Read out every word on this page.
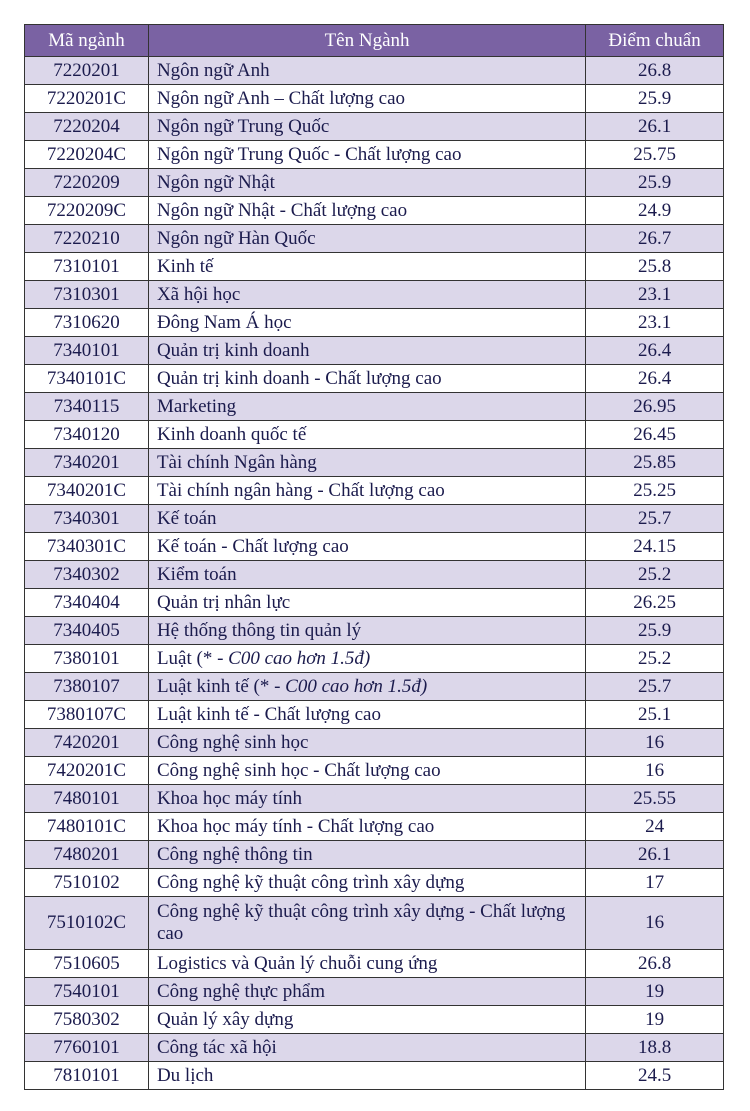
Mã ngành	Tên Ngành	Điểm chuẩn
7220201	Ngôn ngữ Anh	26.8
7220201C	Ngôn ngữ Anh – Chất lượng cao	25.9
7220204	Ngôn ngữ Trung Quốc	26.1
7220204C	Ngôn ngữ Trung Quốc - Chất lượng cao	25.75
7220209	Ngôn ngữ Nhật	25.9
7220209C	Ngôn ngữ Nhật - Chất lượng cao	24.9
7220210	Ngôn ngữ Hàn Quốc	26.7
7310101	Kinh tế	25.8
7310301	Xã hội học	23.1
7310620	Đông Nam Á học	23.1
7340101	Quản trị kinh doanh	26.4
7340101C	Quản trị kinh doanh - Chất lượng cao	26.4
7340115	Marketing	26.95
7340120	Kinh doanh quốc tế	26.45
7340201	Tài chính Ngân hàng	25.85
7340201C	Tài chính ngân hàng - Chất lượng cao	25.25
7340301	Kế toán	25.7
7340301C	Kế toán - Chất lượng cao	24.15
7340302	Kiểm toán	25.2
7340404	Quản trị nhân lực	26.25
7340405	Hệ thống thông tin quản lý	25.9
7380101	Luật (* - C00 cao hơn 1.5đ)	25.2
7380107	Luật kinh tế (* - C00 cao hơn 1.5đ)	25.7
7380107C	Luật kinh tế - Chất lượng cao	25.1
7420201	Công nghệ sinh học	16
7420201C	Công nghệ sinh học - Chất lượng cao	16
7480101	Khoa học máy tính	25.55
7480101C	Khoa học máy tính - Chất lượng cao	24
7480201	Công nghệ thông tin	26.1
7510102	Công nghệ kỹ thuật công trình xây dựng	17
7510102C	Công nghệ kỹ thuật công trình xây dựng - Chất lượng cao	16
7510605	Logistics và Quản lý chuỗi cung ứng	26.8
7540101	Công nghệ thực phẩm	19
7580302	Quản lý xây dựng	19
7760101	Công tác xã hội	18.8
7810101	Du lịch	24.5
